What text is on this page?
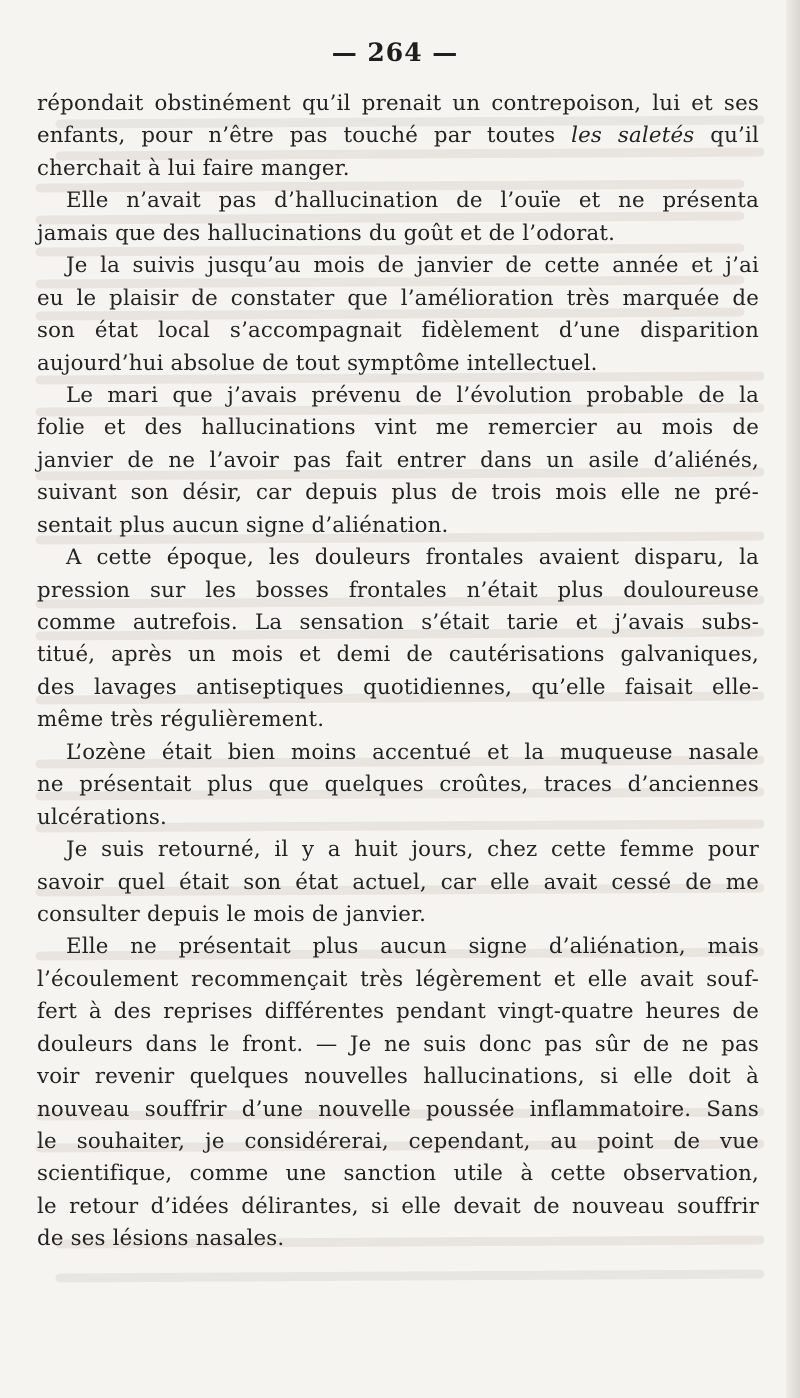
— 264 —
répondait obstinément qu’il prenait un contrepoison, lui et ses
enfants, pour n’être pas touché par toutes les saletés qu’il
cherchait à lui faire manger.
Elle n’avait pas d’hallucination de l’ouïe et ne présenta
jamais que des hallucinations du goût et de l’odorat.
Je la suivis jusqu’au mois de janvier de cette année et j’ai
eu le plaisir de constater que l’amélioration très marquée de
son état local s’accompagnait fidèlement d’une disparition
aujourd’hui absolue de tout symptôme intellectuel.
Le mari que j’avais prévenu de l’évolution probable de la
folie et des hallucinations vint me remercier au mois de
janvier de ne l’avoir pas fait entrer dans un asile d’aliénés,
suivant son désir, car depuis plus de trois mois elle ne pré-
sentait plus aucun signe d’aliénation.
A cette époque, les douleurs frontales avaient disparu, la
pression sur les bosses frontales n’était plus douloureuse
comme autrefois. La sensation s’était tarie et j’avais subs-
titué, après un mois et demi de cautérisations galvaniques,
des lavages antiseptiques quotidiennes, qu’elle faisait elle-
même très régulièrement.
L’ozène était bien moins accentué et la muqueuse nasale
ne présentait plus que quelques croûtes, traces d’anciennes
ulcérations.
Je suis retourné, il y a huit jours, chez cette femme pour
savoir quel était son état actuel, car elle avait cessé de me
consulter depuis le mois de janvier.
Elle ne présentait plus aucun signe d’aliénation, mais
l’écoulement recommençait très légèrement et elle avait souf-
fert à des reprises différentes pendant vingt-quatre heures de
douleurs dans le front. — Je ne suis donc pas sûr de ne pas
voir revenir quelques nouvelles hallucinations, si elle doit à
nouveau souffrir d’une nouvelle poussée inflammatoire. Sans
le souhaiter, je considérerai, cependant, au point de vue
scientifique, comme une sanction utile à cette observation,
le retour d’idées délirantes, si elle devait de nouveau souffrir
de ses lésions nasales.
